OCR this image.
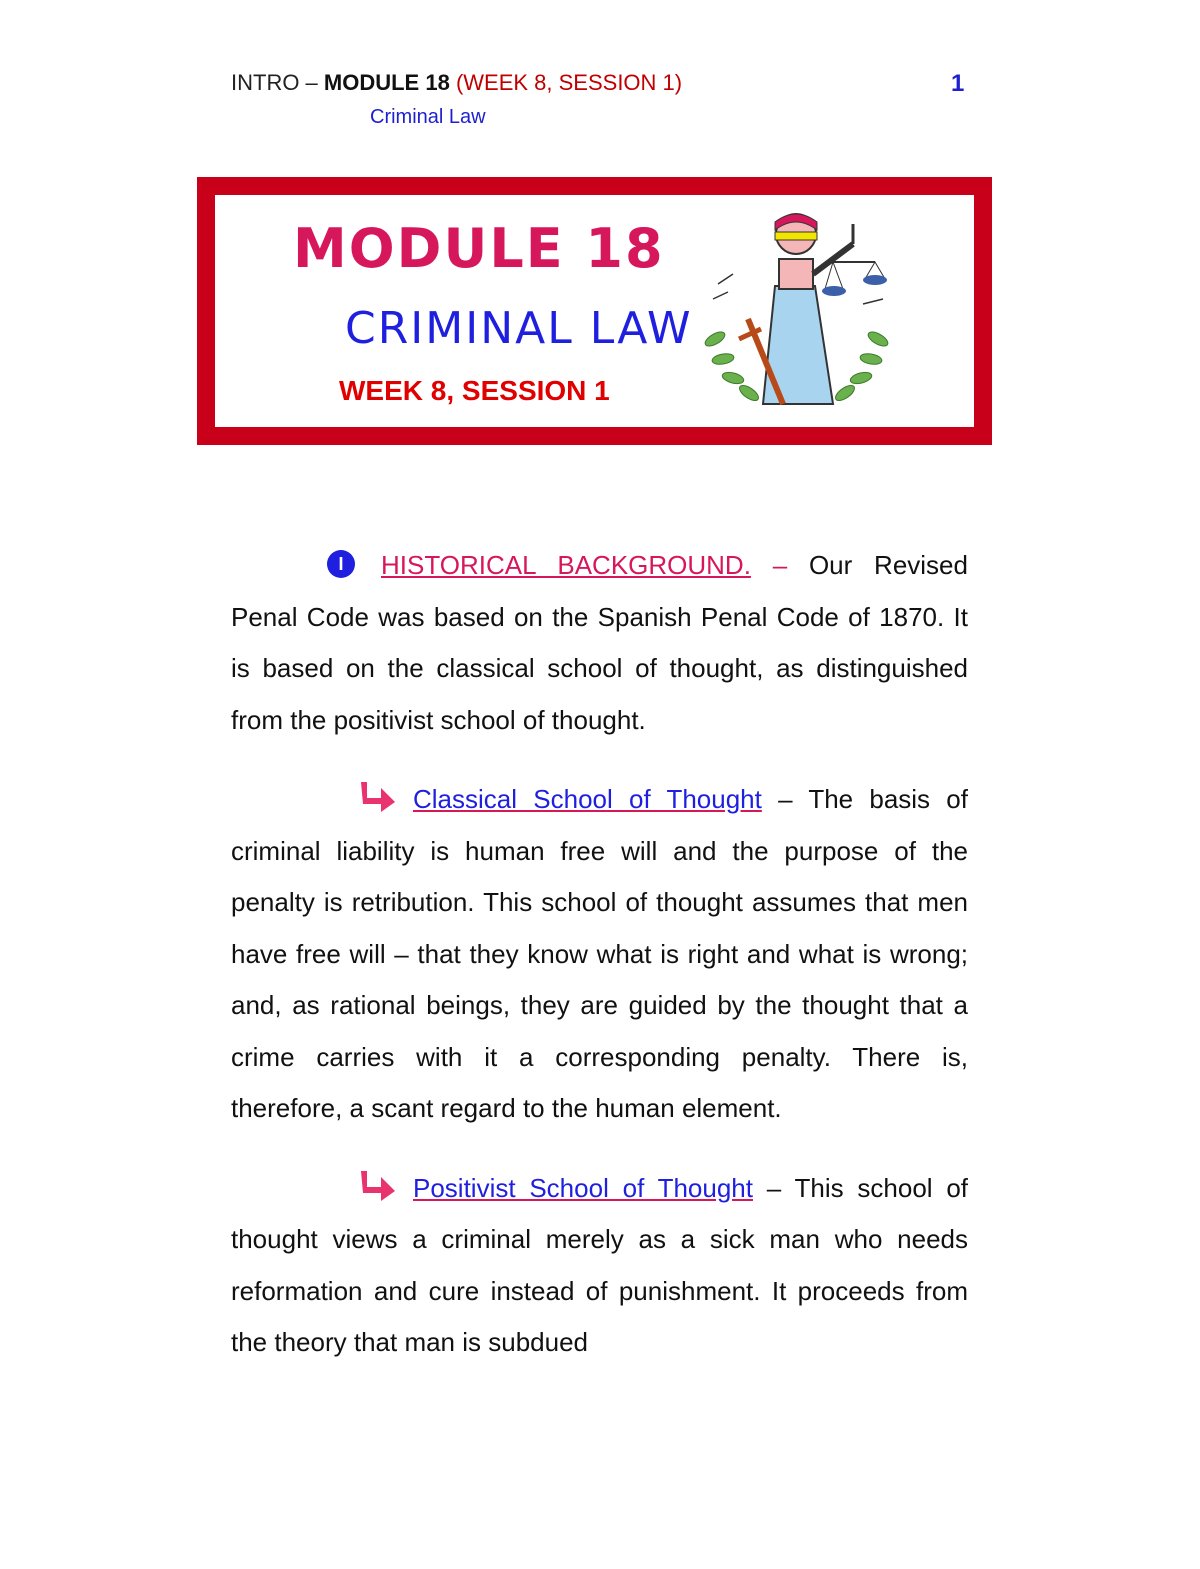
INTRO – MODULE 18 (WEEK 8, SESSION 1)
Criminal Law
1
MODULE 18
CRIMINAL LAW
WEEK 8, SESSION 1

I HISTORICAL BACKGROUND. – Our Revised Penal Code was based on the Spanish Penal Code of 1870. It is based on the classical school of thought, as distinguished from the positivist school of thought.

Classical School of Thought – The basis of criminal liability is human free will and the purpose of the penalty is retribution. This school of thought assumes that men have free will – that they know what is right and what is wrong; and, as rational beings, they are guided by the thought that a crime carries with it a corresponding penalty. There is, therefore, a scant regard to the human element.

Positivist School of Thought – This school of thought views a criminal merely as a sick man who needs reformation and cure instead of punishment. It proceeds from the theory that man is subdued
